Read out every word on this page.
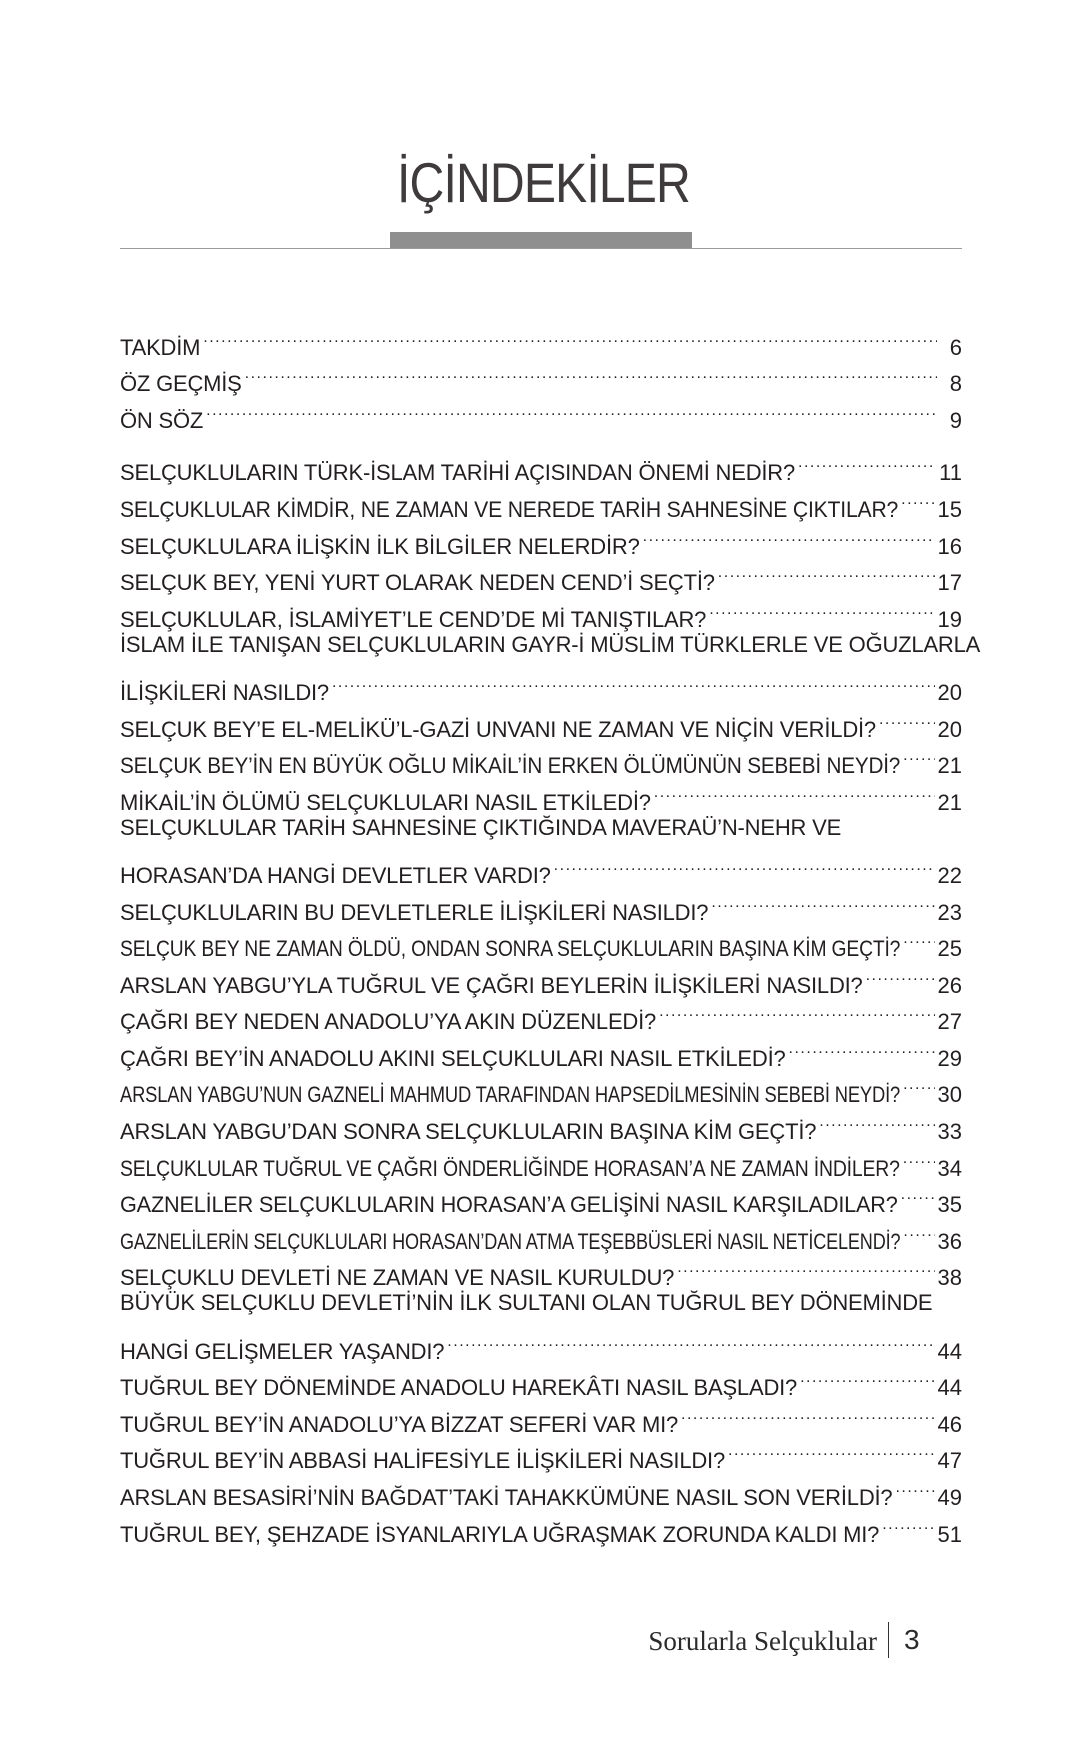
İÇİNDEKİLER
TAKDİM .....	6
ÖZ GEÇMİŞ .....	8
ÖN SÖZ .....	9
SELÇUKLULARIN TÜRK-İSLAM TARİHİ AÇISINDAN ÖNEMİ NEDİR? .....	11
SELÇUKLULAR KİMDİR, NE ZAMAN VE NEREDE TARİH SAHNESİNE ÇIKTILAR? ..... 15
SELÇUKLULARA İLİŞKİN İLK BİLGİLER NELERDİR? .....	16
SELÇUK BEY, YENİ YURT OLARAK NEDEN CEND’İ SEÇTİ? .....	17
SELÇUKLULAR, İSLAMİYET’LE CEND’DE Mİ TANIŞTILAR? .....	19
İSLAM İLE TANIŞAN SELÇUKLULARIN GAYR-İ MÜSLİM TÜRKLERLE VE OĞUZLARLA
İLİŞKİLERİ NASILDI? .....	20
SELÇUK BEY’E EL-MELİKÜ’L-GAZİ UNVANI NE ZAMAN VE NİÇİN VERİLDİ? .....	20
SELÇUK BEY’İN EN BÜYÜK OĞLU MİKAİL’İN ERKEN ÖLÜMÜNÜN SEBEBİ NEYDİ? ..... 21
MİKAİL’İN ÖLÜMÜ SELÇUKLULARI NASIL ETKİLEDİ? .....	21
SELÇUKLULAR TARİH SAHNESİNE ÇIKTIĞINDA MAVERAÜ’N-NEHR VE
HORASAN’DA HANGİ DEVLETLER VARDI? .....	22
SELÇUKLULARIN BU DEVLETLERLE İLİŞKİLERİ NASILDI? .....	23
SELÇUK BEY NE ZAMAN ÖLDÜ, ONDAN SONRA SELÇUKLULARIN BAŞINA KİM GEÇTİ? ..... 25
ARSLAN YABGU’YLA TUĞRUL VE ÇAĞRI BEYLERİN İLİŞKİLERİ NASILDI? .....	26
ÇAĞRI BEY NEDEN ANADOLU’YA AKIN DÜZENLEDİ? .....	27
ÇAĞRI BEY’İN ANADOLU AKINI SELÇUKLULARI NASIL ETKİLEDİ? .....	29
ARSLAN YABGU’NUN GAZNELİ MAHMUD TARAFINDAN HAPSEDİLMESİNİN SEBEBİ NEYDİ? ..... 30
ARSLAN YABGU’DAN SONRA SELÇUKLULARIN BAŞINA KİM GEÇTİ? .....	33
SELÇUKLULAR TUĞRUL VE ÇAĞRI ÖNDERLİĞİNDE HORASAN’A NE ZAMAN İNDİLER? ..... 34
GAZNELİLER SELÇUKLULARIN HORASAN’A GELİŞİNİ NASIL KARŞILADILAR? ..... 35
GAZNELİLERİN SELÇUKLULARI HORASAN’DAN ATMA TEŞEBBÜSLERİ NASIL NETİCELENDİ? ..... 36
SELÇUKLU DEVLETİ NE ZAMAN VE NASIL KURULDU? .....	38
BÜYÜK SELÇUKLU DEVLETİ’NİN İLK SULTANI OLAN TUĞRUL BEY DÖNEMİNDE
HANGİ GELİŞMELER YAŞANDI? .....	44
TUĞRUL BEY DÖNEMİNDE ANADOLU HAREKÂTI NASIL BAŞLADI? .....	44
TUĞRUL BEY’İN ANADOLU’YA BİZZAT SEFERİ VAR MI? .....	46
TUĞRUL BEY’İN ABBASİ HALİFESİYLE İLİŞKİLERİ NASILDI? .....	47
ARSLAN BESASİRİ’NİN BAĞDAT’TAKİ TAHAKKÜMÜNE NASIL SON VERİLDİ? ..... 49
TUĞRUL BEY, ŞEHZADE İSYANLARIYLA UĞRAŞMAK ZORUNDA KALDI MI? .....	51
Sorularla Selçuklular 3
